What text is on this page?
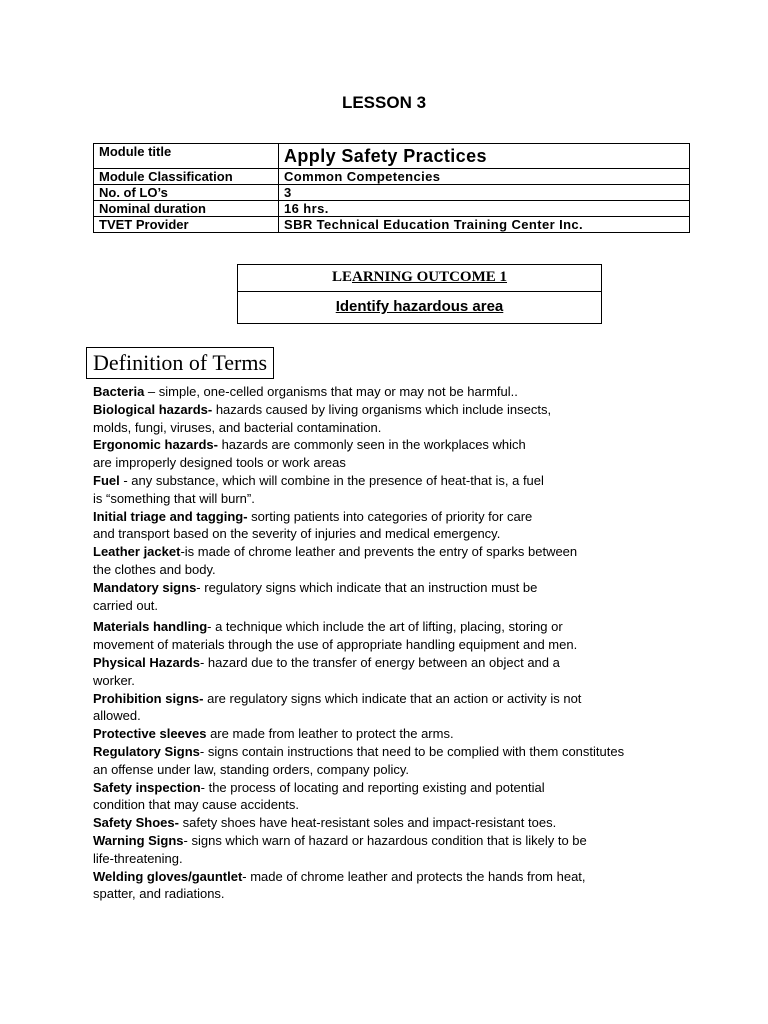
LESSON 3
Module title	Apply Safety Practices
Module Classification	Common Competencies
No. of LO’s	3
Nominal duration	16 hrs.
TVET Provider	SBR Technical Education Training Center Inc.
LEARNING OUTCOME 1
Identify hazardous area
Definition of Terms
Bacteria – simple, one-celled organisms that may or may not be harmful..
Biological hazards- hazards caused by living organisms which include insects,
molds, fungi, viruses, and bacterial contamination.
Ergonomic hazards- hazards are commonly seen in the workplaces which
are improperly designed tools or work areas
Fuel - any substance, which will combine in the presence of heat-that is, a fuel
is “something that will burn”.
Initial triage and tagging- sorting patients into categories of priority for care
and transport based on the severity of injuries and medical emergency.
Leather jacket-is made of chrome leather and prevents the entry of sparks between
the clothes and body.
Mandatory signs- regulatory signs which indicate that an instruction must be
carried out.
Materials handling- a technique which include the art of lifting, placing, storing or
movement of materials through the use of appropriate handling equipment and men.
Physical Hazards- hazard due to the transfer of energy between an object and a
worker.
Prohibition signs- are regulatory signs which indicate that an action or activity is not
allowed.
Protective sleeves are made from leather to protect the arms.
Regulatory Signs- signs contain instructions that need to be complied with them constitutes
an offense under law, standing orders, company policy.
Safety inspection- the process of locating and reporting existing and potential
condition that may cause accidents.
Safety Shoes- safety shoes have heat-resistant soles and impact-resistant toes.
Warning Signs- signs which warn of hazard or hazardous condition that is likely to be
life-threatening.
Welding gloves/gauntlet- made of chrome leather and protects the hands from heat,
spatter, and radiations.
